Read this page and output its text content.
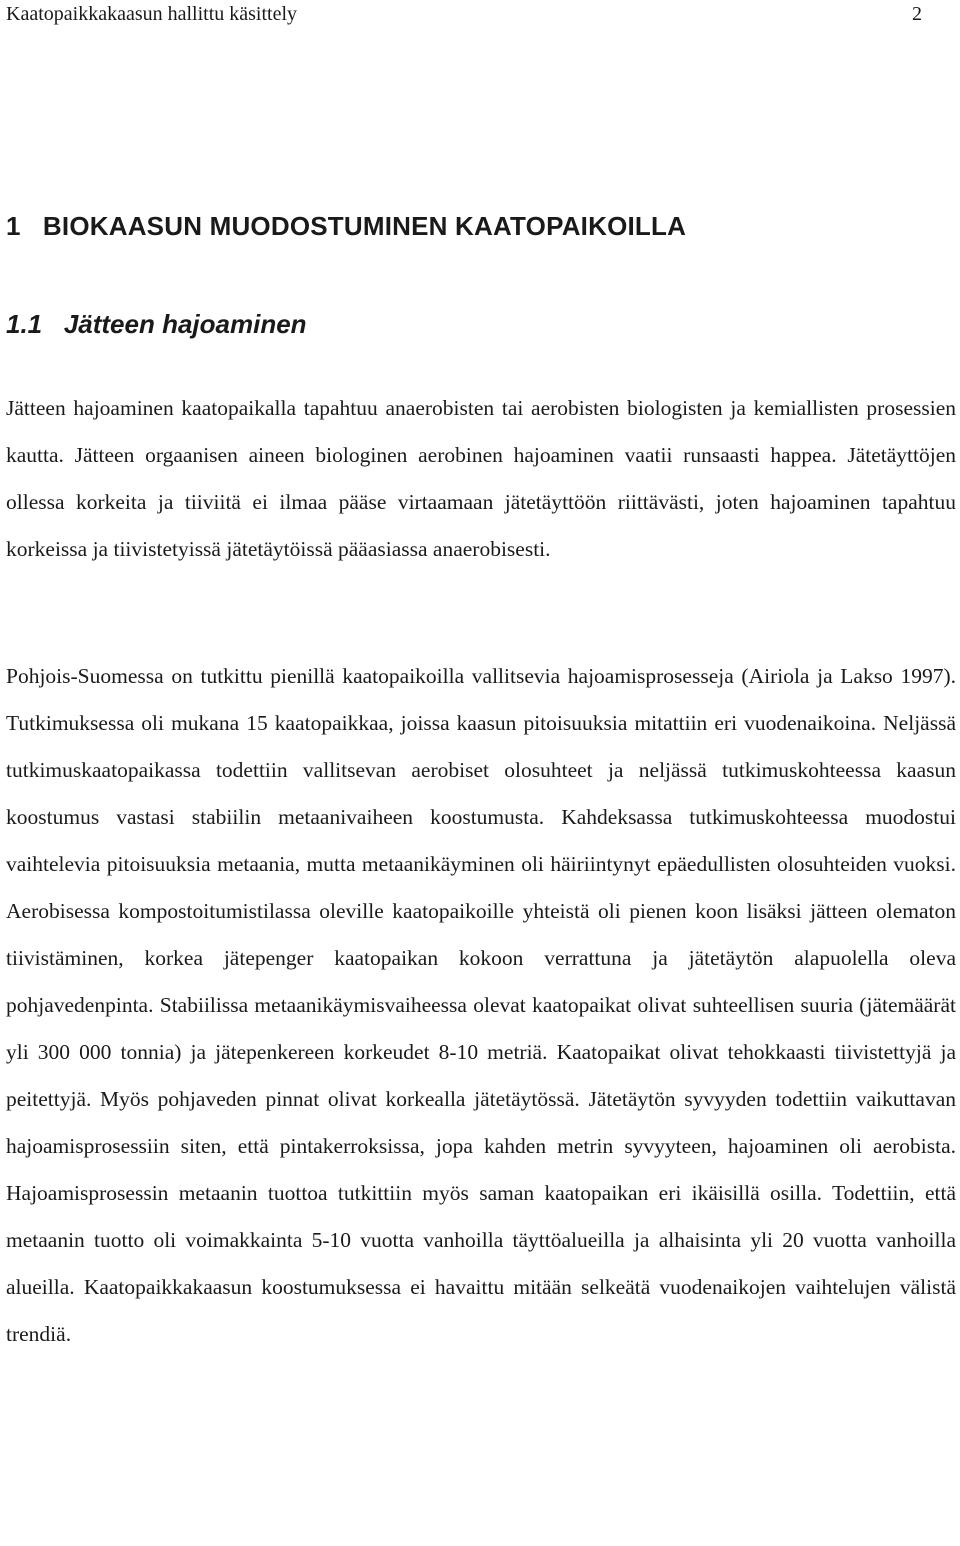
Kaatopaikkakaasun hallittu käsittely	2
1   BIOKAASUN MUODOSTUMINEN KAATOPAIKOILLA
1.1   Jätteen hajoaminen

Jätteen hajoaminen kaatopaikalla tapahtuu anaerobisten tai aerobisten biologisten ja kemiallisten prosessien kautta. Jätteen orgaanisen aineen biologinen aerobinen hajoaminen vaatii runsaasti happea. Jätetäyttöjen ollessa korkeita ja tiiviitä ei ilmaa pääse virtaamaan jätetäyttöön riittävästi, joten hajoaminen tapahtuu korkeissa ja tiivistetyissä jätetäytöissä pääasiassa anaerobisesti.

Pohjois-Suomessa on tutkittu pienillä kaatopaikoilla vallitsevia hajoamisprosesseja (Airiola ja Lakso 1997). Tutkimuksessa oli mukana 15 kaatopaikkaa, joissa kaasun pitoisuuksia mitattiin eri vuodenaikoina. Neljässä tutkimuskaatopaikassa todettiin vallitsevan aerobiset olosuhteet ja neljässä tutkimuskohteessa kaasun koostumus vastasi stabiilin metaanivaiheen koostumusta. Kahdeksassa tutkimuskohteessa muodostui vaihtelevia pitoisuuksia metaania, mutta metaanikäyminen oli häiriintynyt epäedullisten olosuhteiden vuoksi. Aerobisessa kompostoitumistilassa oleville kaatopaikoille yhteistä oli pienen koon lisäksi jätteen olematon tiivistäminen, korkea jätepenger kaatopaikan kokoon verrattuna ja jätetäytön alapuolella oleva pohjavedenpinta. Stabiilissa metaanikäymisvaiheessa olevat kaatopaikat olivat suhteellisen suuria (jätemäärät yli 300 000 tonnia) ja jätepenkereen korkeudet 8-10 metriä. Kaatopaikat olivat tehokkaasti tiivistettyjä ja peitettyjä. Myös pohjaveden pinnat olivat korkealla jätetäytössä. Jätetäytön syvyyden todettiin vaikuttavan hajoamisprosessiin siten, että pintakerroksissa, jopa kahden metrin syvyyteen, hajoaminen oli aerobista. Hajoamisprosessin metaanin tuottoa tutkittiin myös saman kaatopaikan eri ikäisillä osilla. Todettiin, että metaanin tuotto oli voimakkainta 5-10 vuotta vanhoilla täyttöalueilla ja alhaisinta yli 20 vuotta vanhoilla alueilla. Kaatopaikkakaasun koostumuksessa ei havaittu mitään selkeätä vuodenaikojen vaihtelujen välistä trendiä.
